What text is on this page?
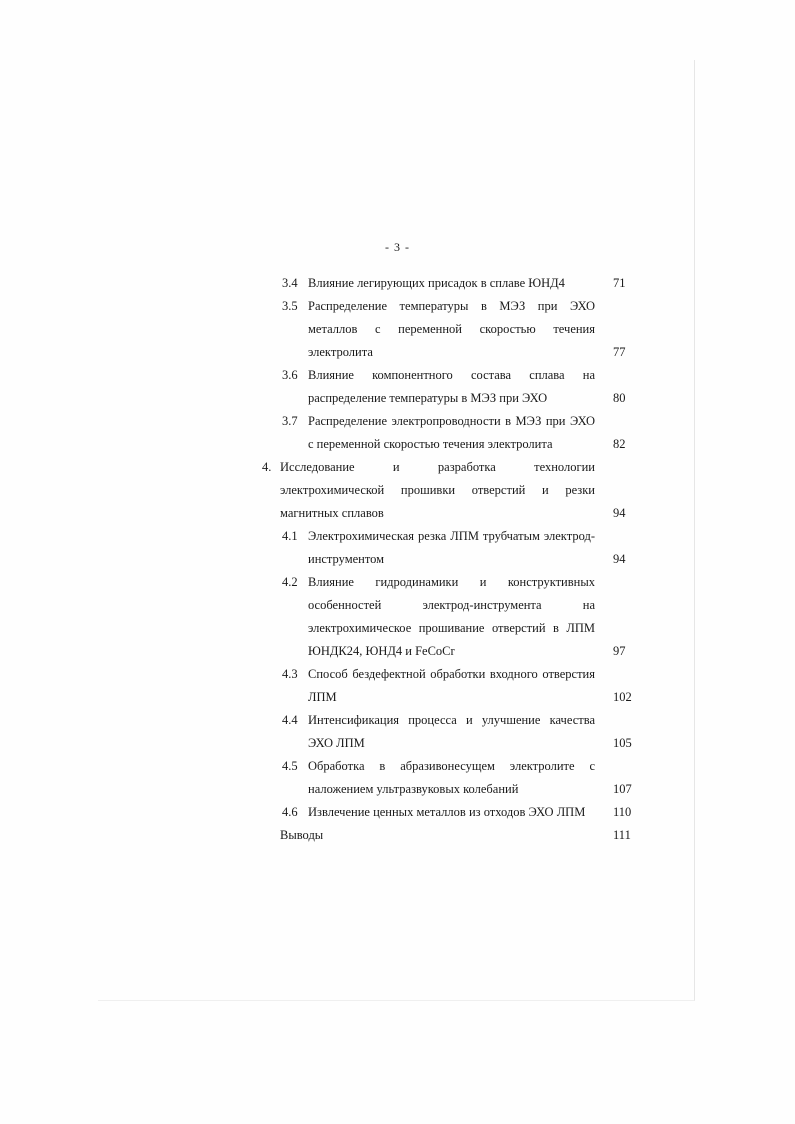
- 3 -
3.4 Влияние легирующих присадок в сплаве ЮНД4	71
3.5 Распределение температуры в МЭЗ при ЭХО металлов с переменной скоростью течения электролита	77
3.6 Влияние компонентного состава сплава на распределение температуры в МЭЗ при ЭХО	80
3.7 Распределение электропроводности в МЭЗ при ЭХО с переменной скоростью течения электролита	82
4. Исследование и разработка технологии электрохимической прошивки отверстий и резки магнитных сплавов	94
4.1 Электрохимическая резка ЛПМ трубчатым электрод-инструментом	94
4.2 Влияние гидродинамики и конструктивных особенностей электрод-инструмента на электрохимическое прошивание отверстий в ЛПМ ЮНДК24, ЮНД4 и FeCoCr	97
4.3 Способ бездефектной обработки входного отверстия ЛПМ	102
4.4 Интенсификация процесса и улучшение качества ЭХО ЛПМ	105
4.5 Обработка в абразивонесущем электролите с наложением ультразвуковых колебаний	107
4.6 Извлечение ценных металлов из отходов ЭХО ЛПМ	110
Выводы	111
